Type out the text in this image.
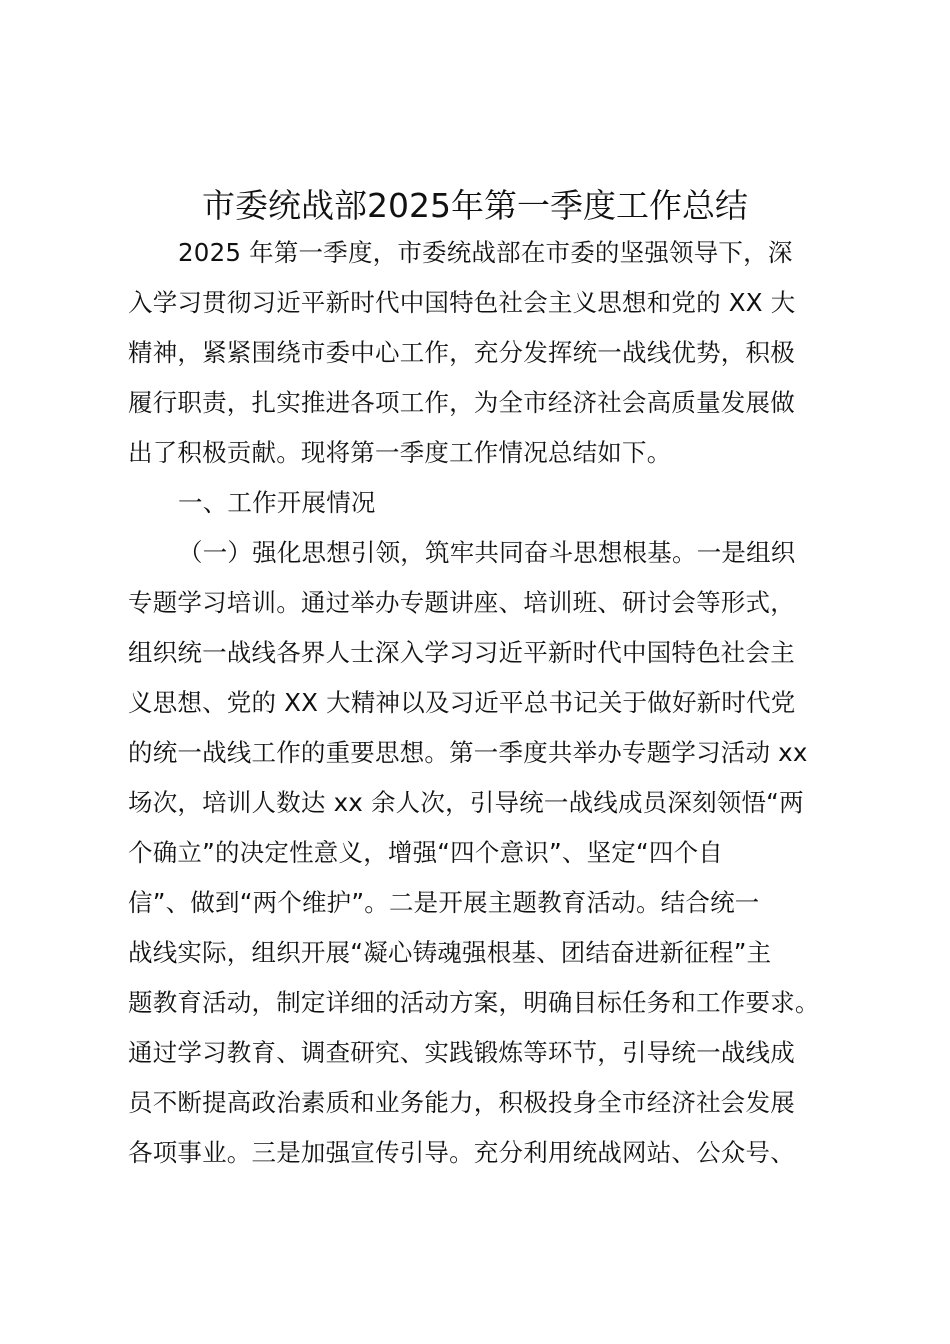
市委统战部2025年第一季度工作总结
2025 年第一季度，市委统战部在市委的坚强领导下，深
入学习贯彻习近平新时代中国特色社会主义思想和党的 XX 大
精神，紧紧围绕市委中心工作，充分发挥统一战线优势，积极
履行职责，扎实推进各项工作，为全市经济社会高质量发展做
出了积极贡献。现将第一季度工作情况总结如下。
一、工作开展情况
（一）强化思想引领，筑牢共同奋斗思想根基。一是组织
专题学习培训。通过举办专题讲座、培训班、研讨会等形式，
组织统一战线各界人士深入学习习近平新时代中国特色社会主
义思想、党的 XX 大精神以及习近平总书记关于做好新时代党
的统一战线工作的重要思想。第一季度共举办专题学习活动 xx
场次，培训人数达 xx 余人次，引导统一战线成员深刻领悟“两
个确立”的决定性意义，增强“四个意识”、坚定“四个自
信”、做到“两个维护”。二是开展主题教育活动。结合统一
战线实际，组织开展“凝心铸魂强根基、团结奋进新征程”主
题教育活动，制定详细的活动方案，明确目标任务和工作要求。
通过学习教育、调查研究、实践锻炼等环节，引导统一战线成
员不断提高政治素质和业务能力，积极投身全市经济社会发展
各项事业。三是加强宣传引导。充分利用统战网站、公众号、
